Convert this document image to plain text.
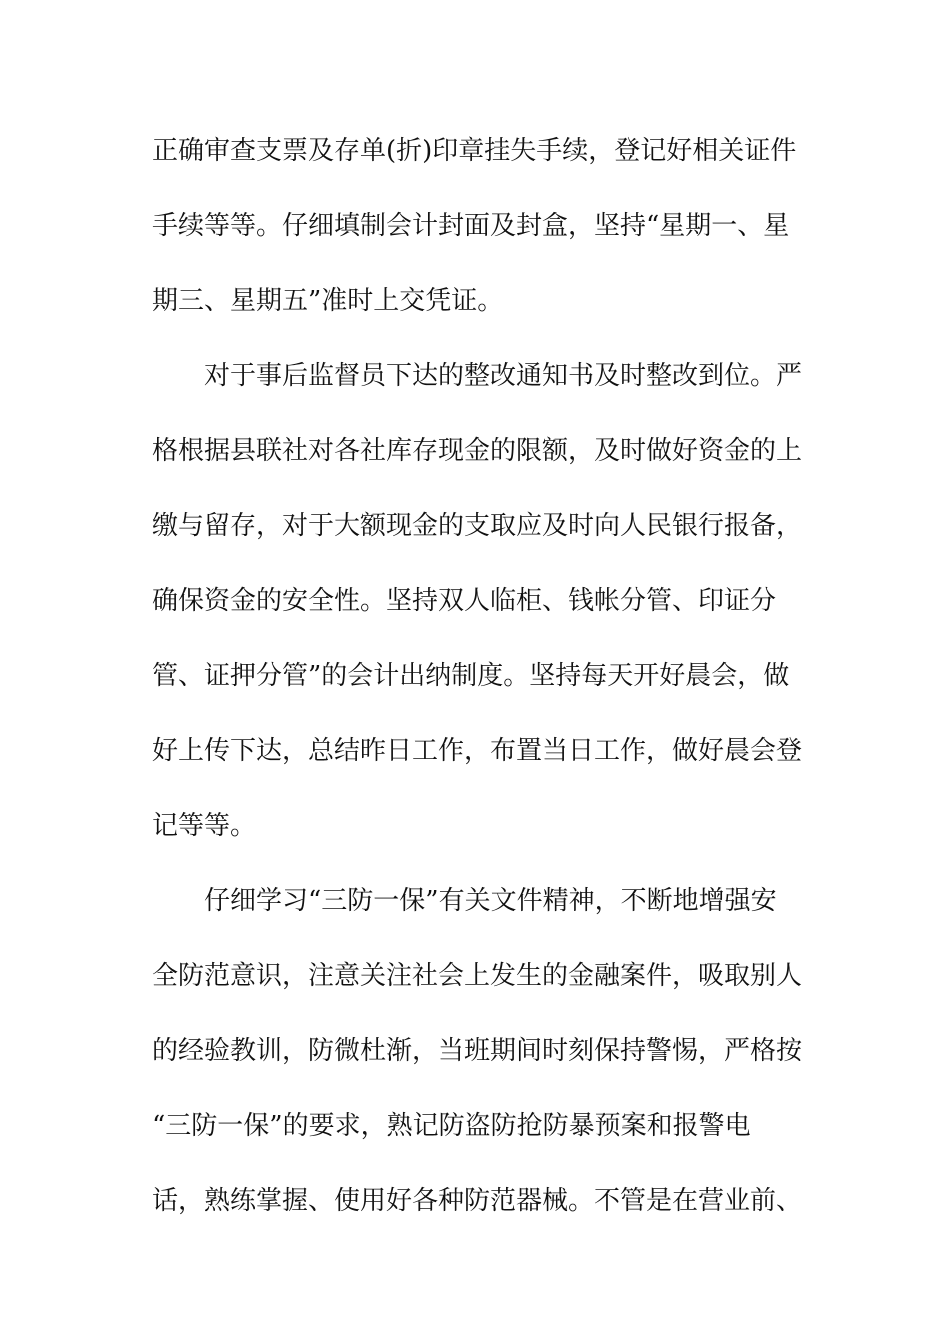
正确审查支票及存单(折)印章挂失手续，登记好相关证件
手续等等。仔细填制会计封面及封盒，坚持“星期一、星
期三、星期五”准时上交凭证。
　　对于事后监督员下达的整改通知书及时整改到位。严
格根据县联社对各社库存现金的限额，及时做好资金的上
缴与留存，对于大额现金的支取应及时向人民银行报备，
确保资金的安全性。坚持双人临柜、钱帐分管、印证分
管、证押分管”的会计出纳制度。坚持每天开好晨会，做
好上传下达，总结昨日工作，布置当日工作，做好晨会登
记等等。
　　仔细学习“三防一保”有关文件精神，不断地增强安
全防范意识，注意关注社会上发生的金融案件，吸取别人
的经验教训，防微杜渐，当班期间时刻保持警惕，严格按
“三防一保”的要求，熟记防盗防抢防暴预案和报警电
话，熟练掌握、使用好各种防范器械。不管是在营业前、
